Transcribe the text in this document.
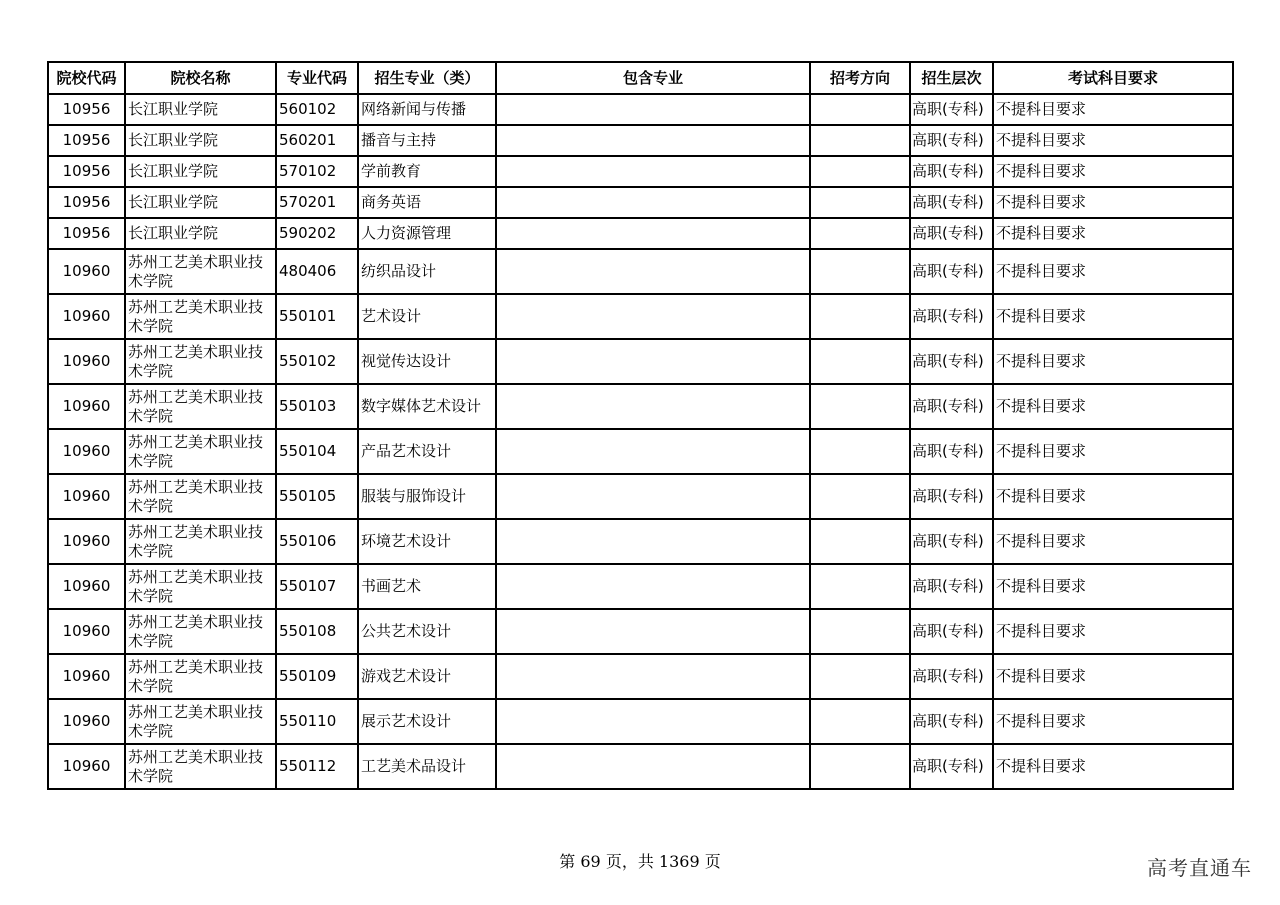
院校代码	院校名称	专业代码	招生专业（类）	包含专业	招考方向	招生层次	考试科目要求
10956	长江职业学院	560102	网络新闻与传播			高职(专科)	不提科目要求
10956	长江职业学院	560201	播音与主持			高职(专科)	不提科目要求
10956	长江职业学院	570102	学前教育			高职(专科)	不提科目要求
10956	长江职业学院	570201	商务英语			高职(专科)	不提科目要求
10956	长江职业学院	590202	人力资源管理			高职(专科)	不提科目要求
10960	苏州工艺美术职业技术学院	480406	纺织品设计			高职(专科)	不提科目要求
10960	苏州工艺美术职业技术学院	550101	艺术设计			高职(专科)	不提科目要求
10960	苏州工艺美术职业技术学院	550102	视觉传达设计			高职(专科)	不提科目要求
10960	苏州工艺美术职业技术学院	550103	数字媒体艺术设计			高职(专科)	不提科目要求
10960	苏州工艺美术职业技术学院	550104	产品艺术设计			高职(专科)	不提科目要求
10960	苏州工艺美术职业技术学院	550105	服装与服饰设计			高职(专科)	不提科目要求
10960	苏州工艺美术职业技术学院	550106	环境艺术设计			高职(专科)	不提科目要求
10960	苏州工艺美术职业技术学院	550107	书画艺术			高职(专科)	不提科目要求
10960	苏州工艺美术职业技术学院	550108	公共艺术设计			高职(专科)	不提科目要求
10960	苏州工艺美术职业技术学院	550109	游戏艺术设计			高职(专科)	不提科目要求
10960	苏州工艺美术职业技术学院	550110	展示艺术设计			高职(专科)	不提科目要求
10960	苏州工艺美术职业技术学院	550112	工艺美术品设计			高职(专科)	不提科目要求
第 69 页，共 1369 页	高考直通车
